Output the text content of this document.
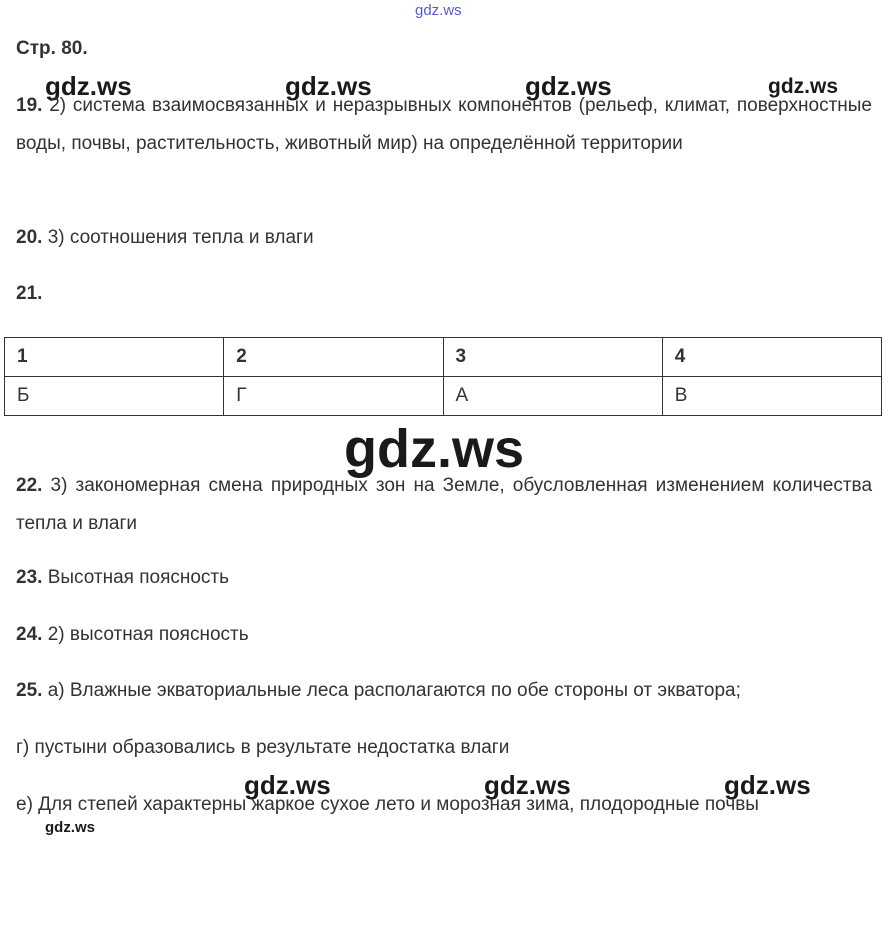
gdz.ws
gdz.ws	gdz.ws	gdz.ws	gdz.ws
Стр. 80.
19. 2) система взаимосвязанных и неразрывных компонентов (рельеф, климат, поверхностные воды, почвы, растительность, животный мир) на определённой территории
20. 3) соотношения тепла и влаги
21.
1	2	3	4
Б	Г	А	В
gdz.ws
22. 3) закономерная смена природных зон на Земле, обусловленная изменением количества тепла и влаги
23. Высотная поясность
24. 2) высотная поясность
25. а) Влажные экваториальные леса располагаются по обе стороны от экватора;
г) пустыни образовались в результате недостатка влаги
gdz.ws	gdz.ws	gdz.ws
е) Для степей характерны жаркое сухое лето и морозная зима, плодородные почвы
gdz.ws
